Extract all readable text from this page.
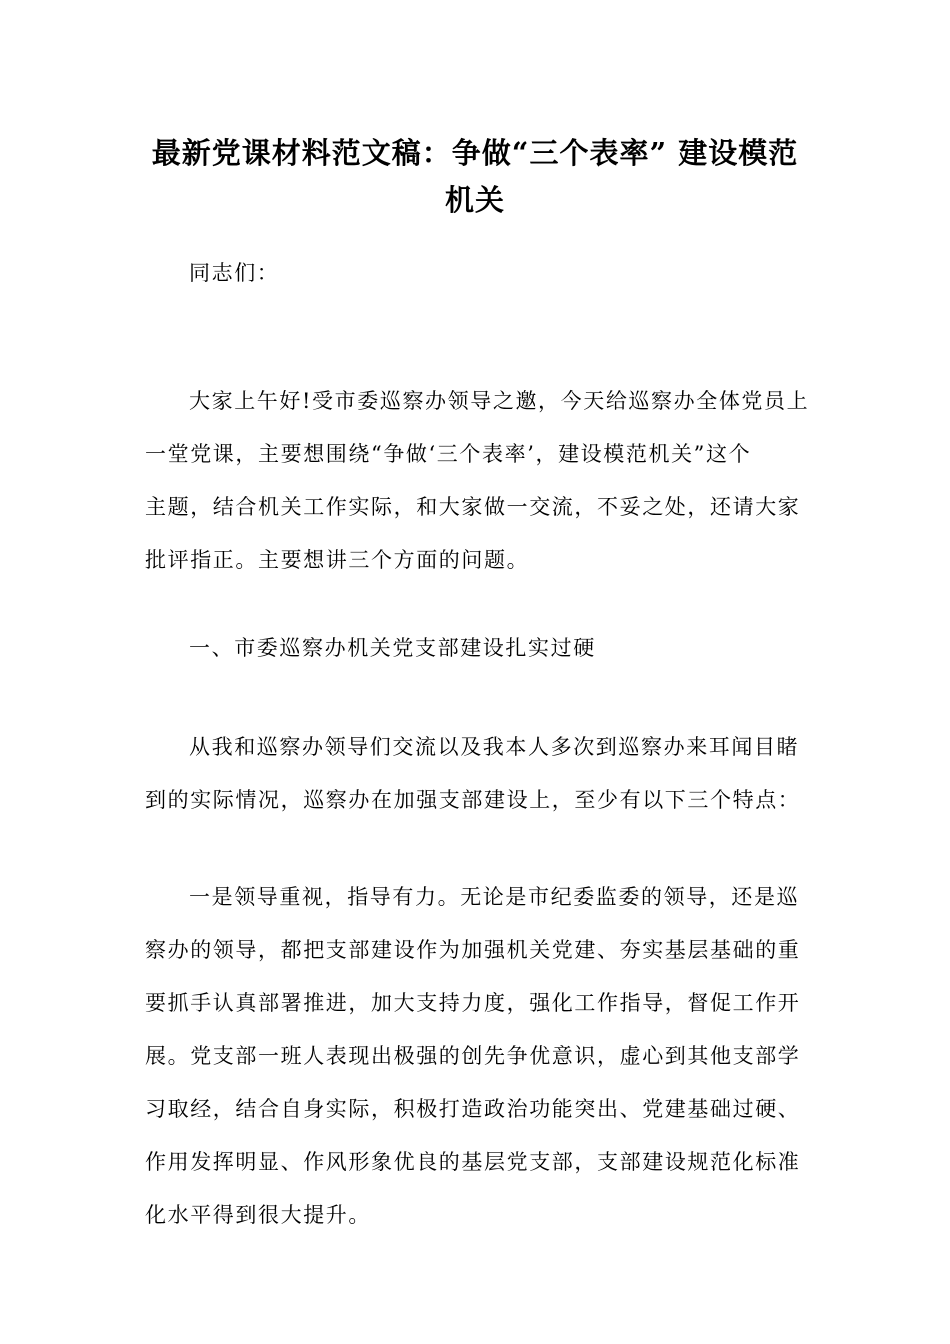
最新党课材料范文稿：争做“三个表率” 建设模范
机关
同志们：
大家上午好!受市委巡察办领导之邀，今天给巡察办全体党员上
一堂党课，主要想围绕“争做‘三个表率’，建设模范机关”这个
主题，结合机关工作实际，和大家做一交流，不妥之处，还请大家
批评指正。主要想讲三个方面的问题。
一、市委巡察办机关党支部建设扎实过硬
从我和巡察办领导们交流以及我本人多次到巡察办来耳闻目睹
到的实际情况，巡察办在加强支部建设上，至少有以下三个特点：
一是领导重视，指导有力。无论是市纪委监委的领导，还是巡
察办的领导，都把支部建设作为加强机关党建、夯实基层基础的重
要抓手认真部署推进，加大支持力度，强化工作指导，督促工作开
展。党支部一班人表现出极强的创先争优意识，虚心到其他支部学
习取经，结合自身实际，积极打造政治功能突出、党建基础过硬、
作用发挥明显、作风形象优良的基层党支部，支部建设规范化标准
化水平得到很大提升。
